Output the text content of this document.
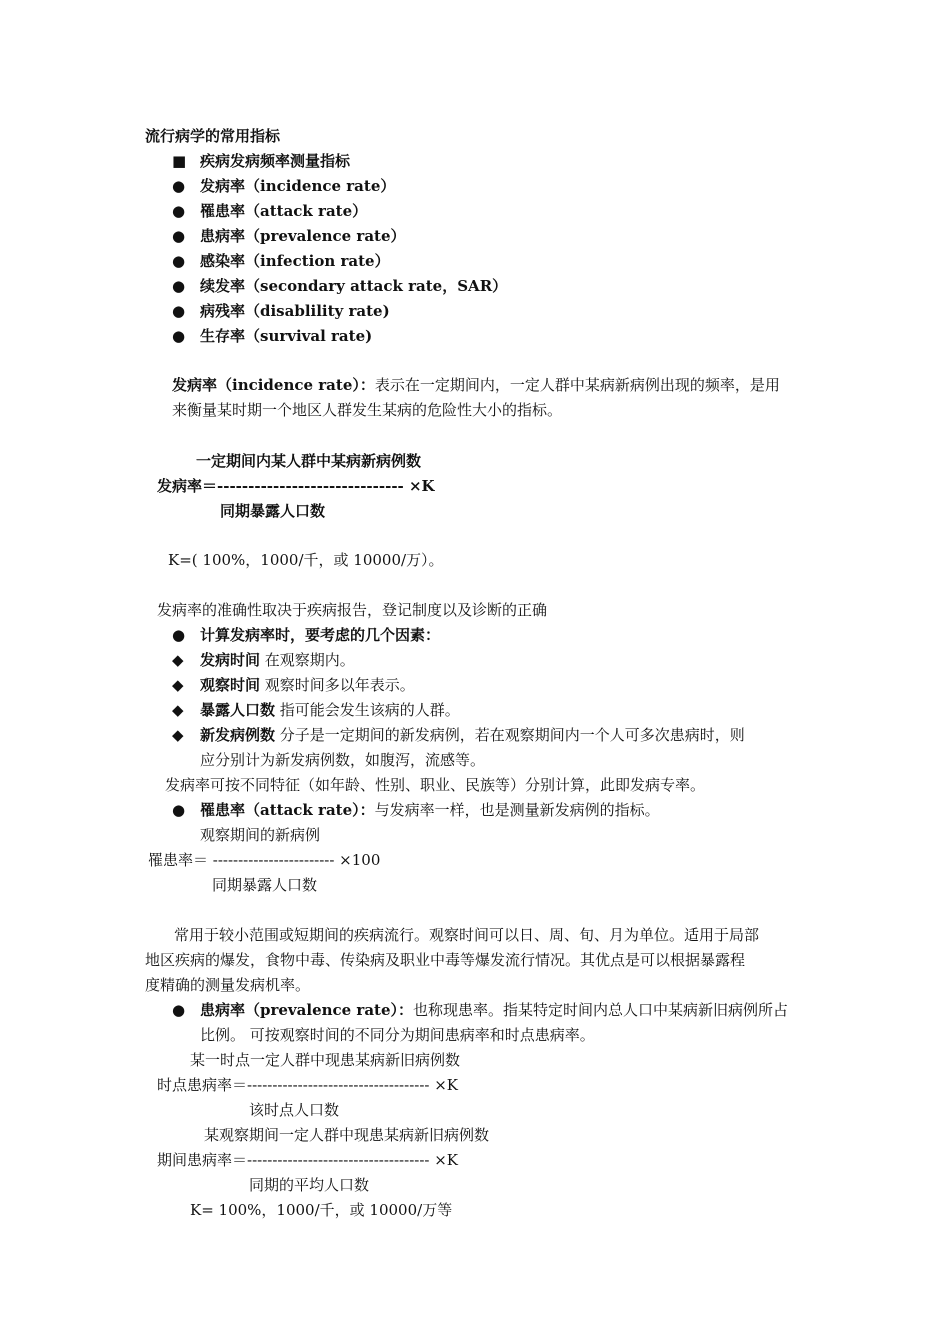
流行病学的常用指标
■ 疾病发病频率测量指标
● 发病率（incidence rate）
● 罹患率（attack rate）
● 患病率（prevalence rate）
● 感染率（infection rate）
● 续发率（secondary attack rate，SAR）
● 病残率（disablility rate)
● 生存率（survival rate)
发病率（incidence rate）：表示在一定期间内，一定人群中某病新病例出现的频率，是用
来衡量某时期一个地区人群发生某病的危险性大小的指标。
一定期间内某人群中某病新病例数
发病率＝------------------------------ ×K
同期暴露人口数
K=( 100%，1000/千，或 10000/万）。
发病率的准确性取决于疾病报告，登记制度以及诊断的正确
● 计算发病率时，要考虑的几个因素：
◆ 发病时间 在观察期内。
◆ 观察时间 观察时间多以年表示。
◆ 暴露人口数 指可能会发生该病的人群。
◆ 新发病例数 分子是一定期间的新发病例，若在观察期间内一个人可多次患病时，则
应分别计为新发病例数，如腹泻，流感等。
发病率可按不同特征（如年龄、性别、职业、民族等）分别计算，此即发病专率。
● 罹患率（attack rate）：与发病率一样，也是测量新发病例的指标。
观察期间的新病例
罹患率＝ ------------------------ ×100
同期暴露人口数
常用于较小范围或短期间的疾病流行。观察时间可以日、周、旬、月为单位。适用于局部
地区疾病的爆发，食物中毒、传染病及职业中毒等爆发流行情况。其优点是可以根据暴露程
度精确的测量发病机率。
● 患病率（prevalence rate）：也称现患率。指某特定时间内总人口中某病新旧病例所占
比例。 可按观察时间的不同分为期间患病率和时点患病率。
某一时点一定人群中现患某病新旧病例数
时点患病率＝------------------------------------ ×K
该时点人口数
某观察期间一定人群中现患某病新旧病例数
期间患病率＝------------------------------------ ×K
同期的平均人口数
K= 100%，1000/千，或 10000/万等
